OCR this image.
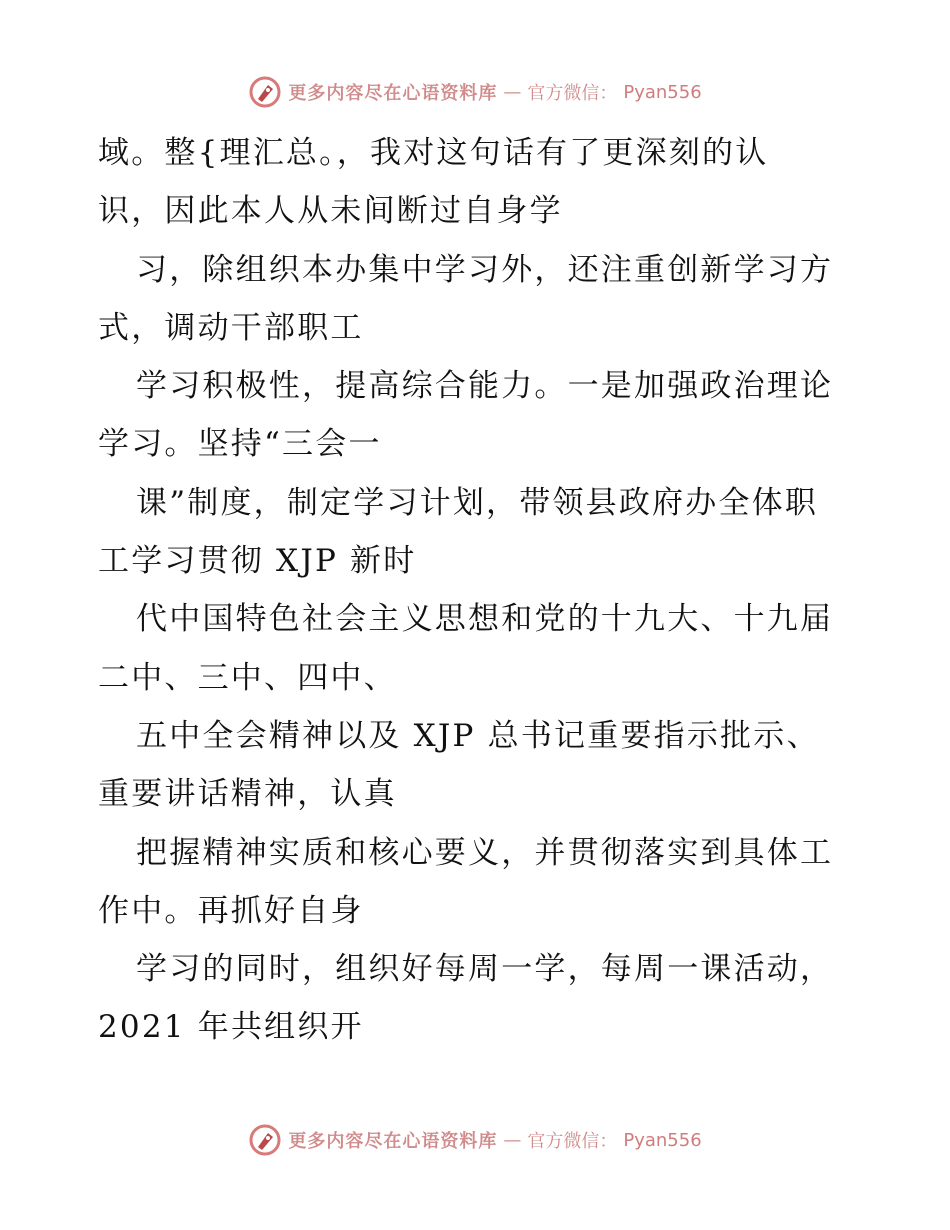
更多内容尽在心语资料库 — 官方微信： Pyan556
域。整{理汇总。，我对这句话有了更深刻的认
识，因此本人从未间断过自身学
习，除组织本办集中学习外，还注重创新学习方
式，调动干部职工
学习积极性，提高综合能力。一是加强政治理论
学习。坚持“三会一
课”制度，制定学习计划，带领县政府办全体职
工学习贯彻 XJP 新时
代中国特色社会主义思想和党的十九大、十九届
二中、三中、四中、
五中全会精神以及 XJP 总书记重要指示批示、
重要讲话精神，认真
把握精神实质和核心要义，并贯彻落实到具体工
作中。再抓好自身
学习的同时，组织好每周一学，每周一课活动，
2021 年共组织开
更多内容尽在心语资料库 — 官方微信： Pyan556
